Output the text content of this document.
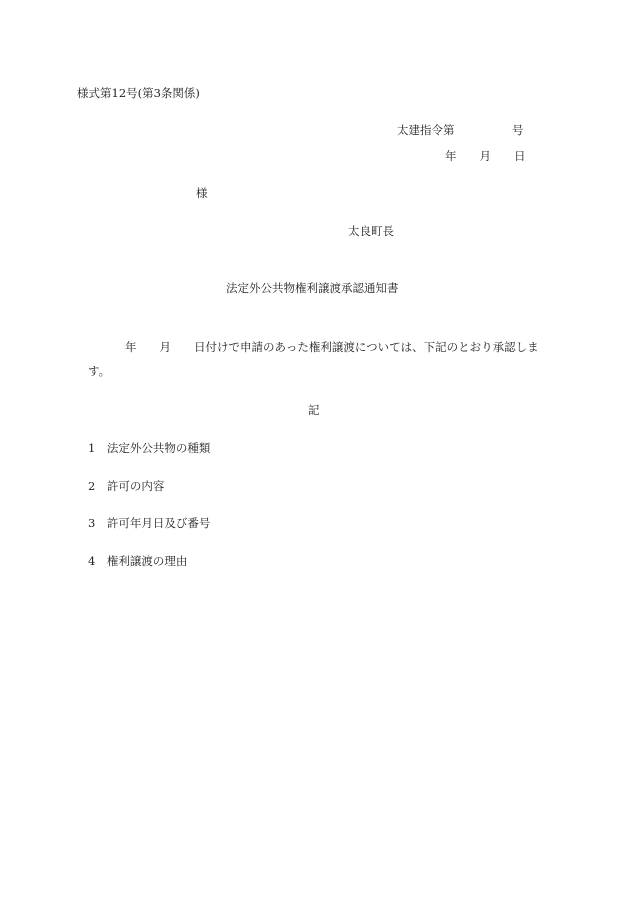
様式第12号(第3条関係)
太建指令第　　　　　号
年　　月　　日
様
太良町長
法定外公共物権利譲渡承認通知書
年　　月　　日付けで申請のあった権利譲渡については、下記のとおり承認しま
す。
記
1　法定外公共物の種類
2　許可の内容
3　許可年月日及び番号
4　権利譲渡の理由
